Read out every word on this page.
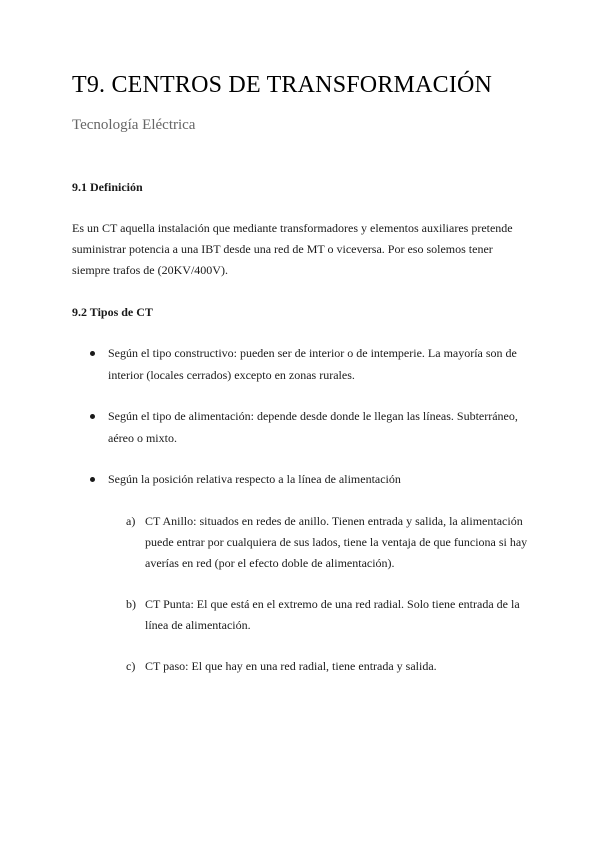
T9. CENTROS DE TRANSFORMACIÓN

Tecnología Eléctrica

9.1 Definición

Es un CT aquella instalación que mediante transformadores y elementos auxiliares pretende suministrar potencia a una IBT desde una red de MT o viceversa. Por eso solemos tener siempre trafos de (20KV/400V).

9.2 Tipos de CT
Según el tipo constructivo: pueden ser de interior o de intemperie. La mayoría son de interior (locales cerrados) excepto en zonas rurales.
Según el tipo de alimentación: depende desde donde le llegan las líneas. Subterráneo, aéreo o mixto.
Según la posición relativa respecto a la línea de alimentación
a) CT Anillo: situados en redes de anillo. Tienen entrada y salida, la alimentación puede entrar por cualquiera de sus lados, tiene la ventaja de que funciona si hay averías en red (por el efecto doble de alimentación).
b) CT Punta: El que está en el extremo de una red radial. Solo tiene entrada de la línea de alimentación.
c) CT paso: El que hay en una red radial, tiene entrada y salida.
